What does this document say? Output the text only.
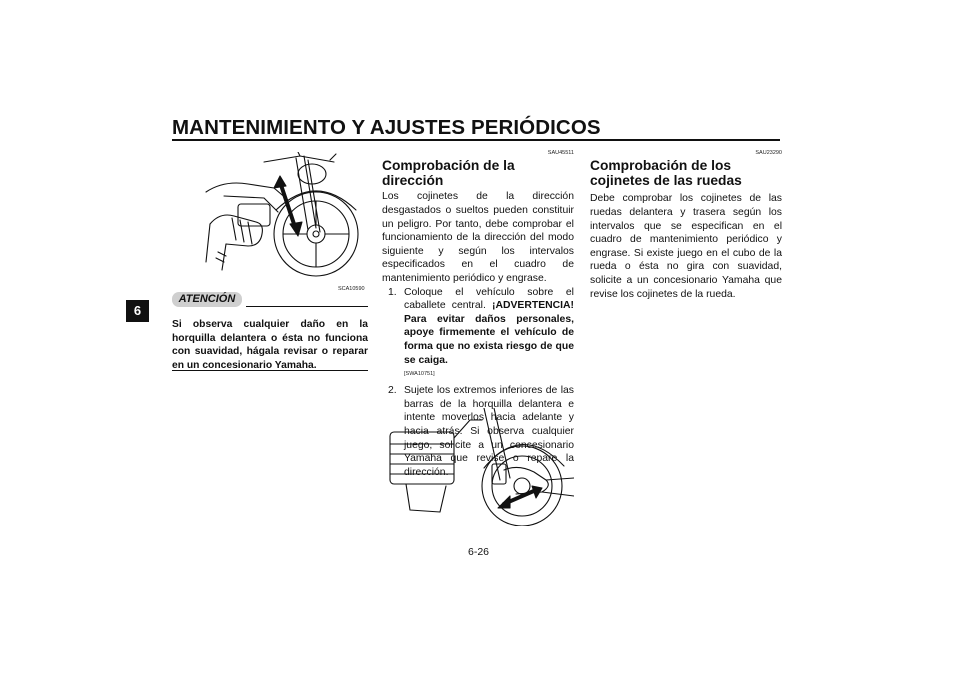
MANTENIMIENTO Y AJUSTES PERIÓDICOS
6
SCA10590
ATENCIÓN
Si observa cualquier daño en la horquilla delantera o ésta no funciona con suavidad, hágala revisar o reparar en un concesionario Yamaha.
SAU45511
Comprobación de la dirección

Los cojinetes de la dirección desgastados o sueltos pueden constituir un peligro. Por tanto, debe comprobar el funcionamiento de la dirección del modo siguiente y según los intervalos especificados en el cuadro de mantenimiento periódico y engrase.

1. Coloque el vehículo sobre el caballete central. ¡ADVERTENCIA! Para evitar daños personales, apoye firmemente el vehículo de forma que no exista riesgo de que se caiga.
[SWA10751]
2. Sujete los extremos inferiores de las barras de la horquilla delantera e intente moverlos hacia adelante y hacia atrás. Si observa cualquier juego, solicite a un concesionario Yamaha que revise o repare la dirección.
SAU23290
Comprobación de los cojinetes de las ruedas

Debe comprobar los cojinetes de las ruedas delantera y trasera según los intervalos que se especifican en el cuadro de mantenimiento periódico y engrase. Si existe juego en el cubo de la rueda o ésta no gira con suavidad, solicite a un concesionario Yamaha que revise los cojinetes de la rueda.

6-26
